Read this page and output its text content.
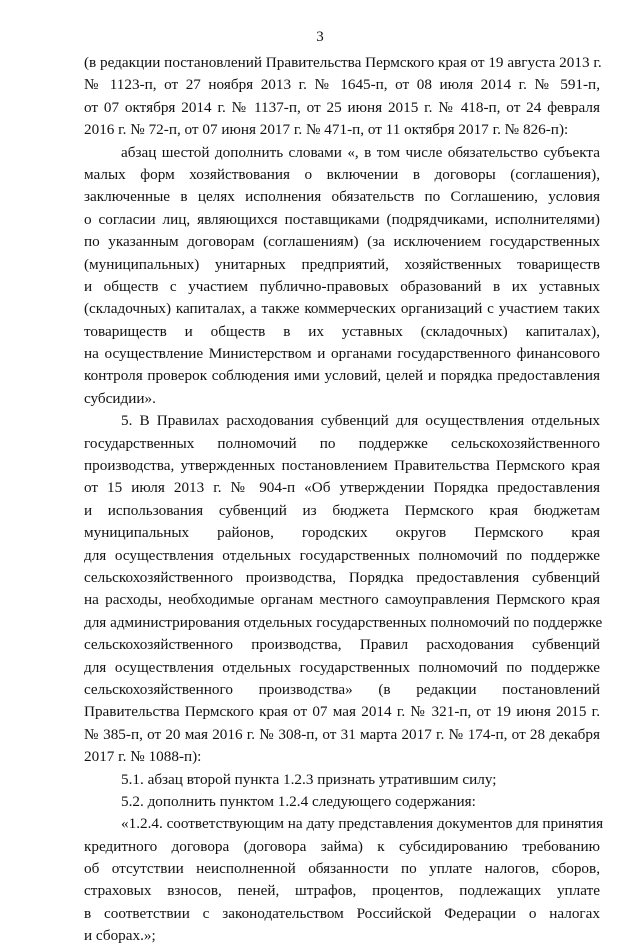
3
(в редакции постановлений Правительства Пермского края от 19 августа 2013 г.
№ 1123-п, от 27 ноября 2013 г. № 1645-п, от 08 июля 2014 г. № 591-п,
от 07 октября 2014 г. № 1137-п, от 25 июня 2015 г. № 418-п, от 24 февраля
2016 г. № 72-п, от 07 июня 2017 г. № 471-п, от 11 октября 2017 г. № 826-п):
абзац шестой дополнить словами «, в том числе обязательство субъекта
малых форм хозяйствования о включении в договоры (соглашения),
заключенные в целях исполнения обязательств по Соглашению, условия
о согласии лиц, являющихся поставщиками (подрядчиками, исполнителями)
по указанным договорам (соглашениям) (за исключением государственных
(муниципальных) унитарных предприятий, хозяйственных товариществ
и обществ с участием публично-правовых образований в их уставных
(складочных) капиталах, а также коммерческих организаций с участием таких
товариществ и обществ в их уставных (складочных) капиталах),
на осуществление Министерством и органами государственного финансового
контроля проверок соблюдения ими условий, целей и порядка предоставления
субсидии».
5. В Правилах расходования субвенций для осуществления отдельных
государственных полномочий по поддержке сельскохозяйственного
производства, утвержденных постановлением Правительства Пермского края
от 15 июля 2013 г. № 904-п «Об утверждении Порядка предоставления
и использования субвенций из бюджета Пермского края бюджетам
муниципальных районов, городских округов Пермского края
для осуществления отдельных государственных полномочий по поддержке
сельскохозяйственного производства, Порядка предоставления субвенций
на расходы, необходимые органам местного самоуправления Пермского края
для администрирования отдельных государственных полномочий по поддержке
сельскохозяйственного производства, Правил расходования субвенций
для осуществления отдельных государственных полномочий по поддержке
сельскохозяйственного производства» (в редакции постановлений
Правительства Пермского края от 07 мая 2014 г. № 321-п, от 19 июня 2015 г.
№ 385-п, от 20 мая 2016 г. № 308-п, от 31 марта 2017 г. № 174-п, от 28 декабря
2017 г. № 1088-п):
5.1. абзац второй пункта 1.2.3 признать утратившим силу;
5.2. дополнить пунктом 1.2.4 следующего содержания:
«1.2.4. соответствующим на дату представления документов для принятия
кредитного договора (договора займа) к субсидированию требованию
об отсутствии неисполненной обязанности по уплате налогов, сборов,
страховых взносов, пеней, штрафов, процентов, подлежащих уплате
в соответствии с законодательством Российской Федерации о налогах
и сборах.»;
